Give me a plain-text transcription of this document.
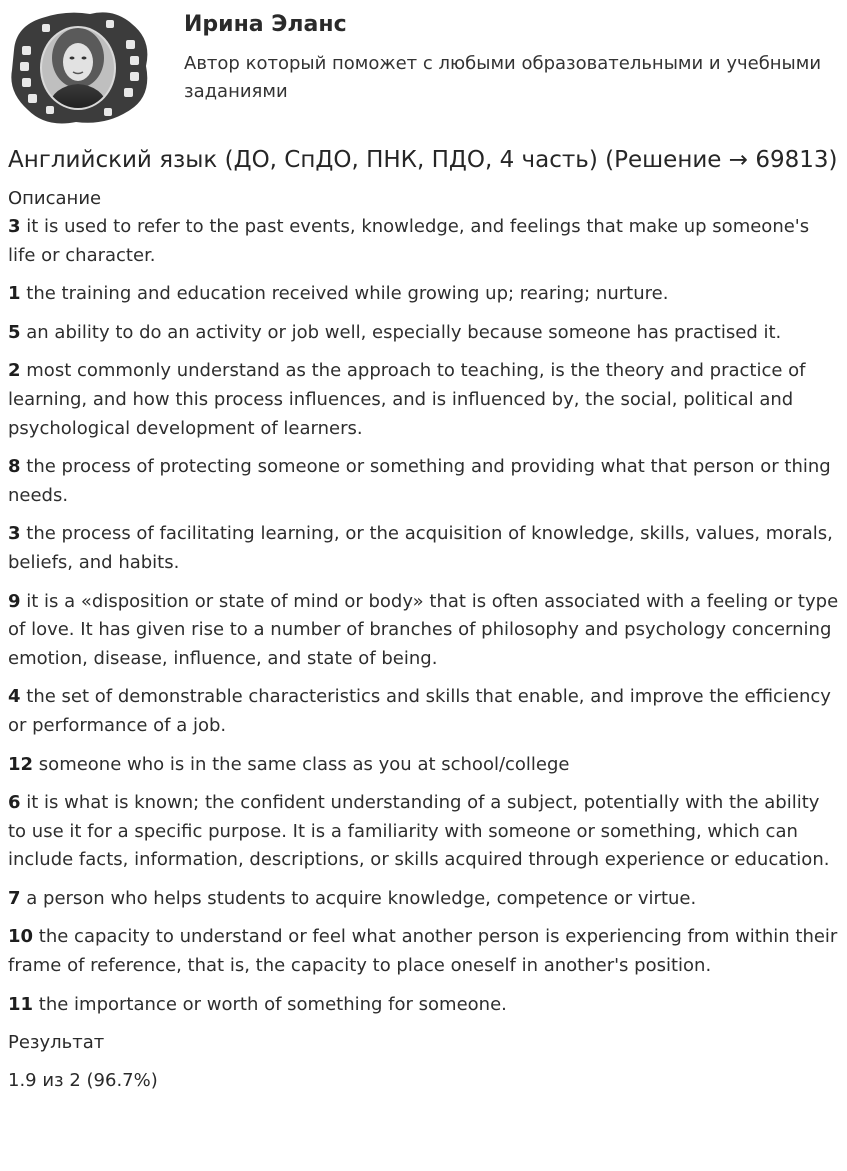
Ирина Эланс

Автор который поможет с любыми образовательными и учебными заданиями

Английский язык (ДО, СпДО, ПНК, ПДО, 4 часть) (Решение → 69813)

Описание

3 it is used to refer to the past events, knowledge, and feelings that make up someone's life or character.

1 the training and education received while growing up; rearing; nurture.

5 an ability to do an activity or job well, especially because someone has practised it.

2 most commonly understand as the approach to teaching, is the theory and practice of learning, and how this process influences, and is influenced by, the social, political and psychological development of learners.

8 the process of protecting someone or something and providing what that person or thing needs.

3 the process of facilitating learning, or the acquisition of knowledge, skills, values, morals, beliefs, and habits.

9 it is a «disposition or state of mind or body» that is often associated with a feeling or type of love. It has given rise to a number of branches of philosophy and psychology concerning emotion, disease, influence, and state of being.

4 the set of demonstrable characteristics and skills that enable, and improve the efficiency or performance of a job.

12 someone who is in the same class as you at school/college

6 it is what is known; the confident understanding of a subject, potentially with the ability to use it for a specific purpose. It is a familiarity with someone or something, which can include facts, information, descriptions, or skills acquired through experience or education.

7 a person who helps students to acquire knowledge, competence or virtue.

10 the capacity to understand or feel what another person is experiencing from within their frame of reference, that is, the capacity to place oneself in another's position.

11 the importance or worth of something for someone.

Результат

1.9 из 2 (96.7%)
